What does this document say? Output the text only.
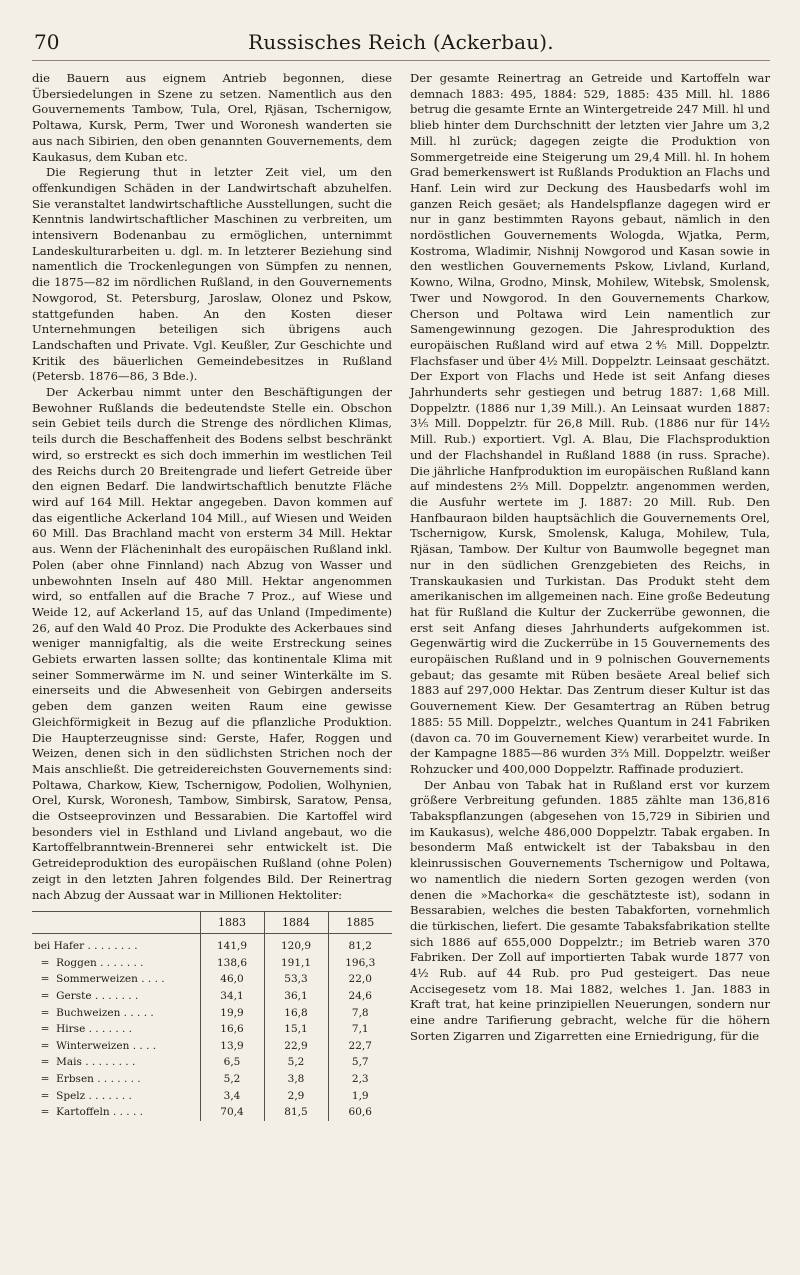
70	Russisches Reich (Ackerbau).

die Bauern aus eignem Antrieb begonnen, diese Übersiedelungen in Szene zu setzen. Namentlich aus den Gouvernements Tambow, Tula, Orel, Rjäsan, Tschernigow, Poltawa, Kursk, Perm, Twer und Woronesh wanderten sie aus nach Sibirien, den oben genannten Gouvernements, dem Kaukasus, dem Kuban etc.

Die Regierung thut in letzter Zeit viel, um den offenkundigen Schäden in der Landwirtschaft abzuhelfen. Sie veranstaltet landwirtschaftliche Ausstellungen, sucht die Kenntnis landwirtschaftlicher Maschinen zu verbreiten, um intensivern Bodenanbau zu ermöglichen, unternimmt Landeskulturarbeiten u. dgl. m. In letzterer Beziehung sind namentlich die Trockenlegungen von Sümpfen zu nennen, die 1875—82 im nördlichen Rußland, in den Gouvernements Nowgorod, St. Petersburg, Jaroslaw, Olonez und Pskow, stattgefunden haben. An den Kosten dieser Unternehmungen beteiligen sich übrigens auch Landschaften und Private. Vgl. Keußler, Zur Geschichte und Kritik des bäuerlichen Gemeindebesitzes in Rußland (Petersb. 1876—86, 3 Bde.).

Der Ackerbau nimmt unter den Beschäftigungen der Bewohner Rußlands die bedeutendste Stelle ein. Obschon sein Gebiet teils durch die Strenge des nördlichen Klimas, teils durch die Beschaffenheit des Bodens selbst beschränkt wird, so erstreckt es sich doch immerhin im westlichen Teil des Reichs durch 20 Breitengrade und liefert Getreide über den eignen Bedarf. Die landwirtschaftlich benutzte Fläche wird auf 164 Mill. Hektar angegeben. Davon kommen auf das eigentliche Ackerland 104 Mill., auf Wiesen und Weiden 60 Mill. Das Brachland macht von ersterm 34 Mill. Hektar aus. Wenn der Flächeninhalt des europäischen Rußland inkl. Polen (aber ohne Finnland) nach Abzug von Wasser und unbewohnten Inseln auf 480 Mill. Hektar angenommen wird, so entfallen auf die Brache 7 Proz., auf Wiese und Weide 12, auf Ackerland 15, auf das Unland (Impedimente) 26, auf den Wald 40 Proz. Die Produkte des Ackerbaues sind weniger mannigfaltig, als die weite Erstreckung seines Gebiets erwarten lassen sollte; das kontinentale Klima mit seiner Sommerwärme im N. und seiner Winterkälte im S. einerseits und die Abwesenheit von Gebirgen anderseits geben dem ganzen weiten Raum eine gewisse Gleichförmigkeit in Bezug auf die pflanzliche Produktion. Die Haupterzeugnisse sind: Gerste, Hafer, Roggen und Weizen, denen sich in den südlichsten Strichen noch der Mais anschließt. Die getreidereichsten Gouvernements sind: Poltawa, Charkow, Kiew, Tschernigow, Podolien, Wolhynien, Orel, Kursk, Woronesh, Tambow, Simbirsk, Saratow, Pensa, die Ostseeprovinzen und Bessarabien. Die Kartoffel wird besonders viel in Esthland und Livland angebaut, wo die Kartoffelbranntwein-Brennerei sehr entwickelt ist. Die Getreideproduktion des europäischen Rußland (ohne Polen) zeigt in den letzten Jahren folgendes Bild. Der Reinertrag nach Abzug der Aussaat war in Millionen Hektoliter:

	1883	1884	1885
bei Hafer . . . . . . . .	141,9	120,9	81,2
=  Roggen . . . . . . .	138,6	191,1	196,3
=  Sommerweizen . . . .	46,0	53,3	22,0
=  Gerste . . . . . . .	34,1	36,1	24,6
=  Buchweizen . . . . .	19,9	16,8	7,8
=  Hirse . . . . . . .	16,6	15,1	7,1
=  Winterweizen . . . .	13,9	22,9	22,7
=  Mais . . . . . . . .	6,5	5,2	5,7
=  Erbsen . . . . . . .	5,2	3,8	2,3
=  Spelz . . . . . . .	3,4	2,9	1,9
=  Kartoffeln . . . . .	70,4	81,5	60,6

Der gesamte Reinertrag an Getreide und Kartoffeln war demnach 1883: 495, 1884: 529, 1885: 435 Mill. hl. 1886 betrug die gesamte Ernte an Wintergetreide 247 Mill. hl und blieb hinter dem Durchschnitt der letzten vier Jahre um 3,2 Mill. hl zurück; dagegen zeigte die Produktion von Sommergetreide eine Steigerung um 29,4 Mill. hl. In hohem Grad bemerkenswert ist Rußlands Produktion an Flachs und Hanf. Lein wird zur Deckung des Hausbedarfs wohl im ganzen Reich gesäet; als Handelspflanze dagegen wird er nur in ganz bestimmten Rayons gebaut, nämlich in den nordöstlichen Gouvernements Wologda, Wjatka, Perm, Kostroma, Wladimir, Nishnij Nowgorod und Kasan sowie in den westlichen Gouvernements Pskow, Livland, Kurland, Kowno, Wilna, Grodno, Minsk, Mohilew, Witebsk, Smolensk, Twer und Nowgorod. In den Gouvernements Charkow, Cherson und Poltawa wird Lein namentlich zur Samengewinnung gezogen. Die Jahresproduktion des europäischen Rußland wird auf etwa 2⅘ Mill. Doppelztr. Flachsfaser und über 4½ Mill. Doppelztr. Leinsaat geschätzt. Der Export von Flachs und Hede ist seit Anfang dieses Jahrhunderts sehr gestiegen und betrug 1887: 1,68 Mill. Doppelztr. (1886 nur 1,39 Mill.). An Leinsaat wurden 1887: 3⅕ Mill. Doppelztr. für 26,8 Mill. Rub. (1886 nur für 14½ Mill. Rub.) exportiert. Vgl. A. Blau, Die Flachsproduktion und der Flachshandel in Rußland 1888 (in russ. Sprache). Die jährliche Hanfproduktion im europäischen Rußland kann auf mindestens 2⅔ Mill. Doppelztr. angenommen werden, die Ausfuhr wertete im J. 1887: 20 Mill. Rub. Den Hanfbauraon bilden hauptsächlich die Gouvernements Orel, Tschernigow, Kursk, Smolensk, Kaluga, Mohilew, Tula, Rjäsan, Tambow. Der Kultur von Baumwolle begegnet man nur in den südlichen Grenzgebieten des Reichs, in Transkaukasien und Turkistan. Das Produkt steht dem amerikanischen im allgemeinen nach. Eine große Bedeutung hat für Rußland die Kultur der Zuckerrübe gewonnen, die erst seit Anfang dieses Jahrhunderts aufgekommen ist. Gegenwärtig wird die Zuckerrübe in 15 Gouvernements des europäischen Rußland und in 9 polnischen Gouvernements gebaut; das gesamte mit Rüben besäete Areal belief sich 1883 auf 297,000 Hektar. Das Zentrum dieser Kultur ist das Gouvernement Kiew. Der Gesamtertrag an Rüben betrug 1885: 55 Mill. Doppelztr., welches Quantum in 241 Fabriken (davon ca. 70 im Gouvernement Kiew) verarbeitet wurde. In der Kampagne 1885—86 wurden 3⅔ Mill. Doppelztr. weißer Rohzucker und 400,000 Doppelztr. Raffinade produziert.

Der Anbau von Tabak hat in Rußland erst vor kurzem größere Verbreitung gefunden. 1885 zählte man 136,816 Tabakspflanzungen (abgesehen von 15,729 in Sibirien und im Kaukasus), welche 486,000 Doppelztr. Tabak ergaben. In besonderm Maß entwickelt ist der Tabaksbau in den kleinrussischen Gouvernements Tschernigow und Poltawa, wo namentlich die niedern Sorten gezogen werden (von denen die »Machorka« die geschätzteste ist), sodann in Bessarabien, welches die besten Tabakforten, vornehmlich die türkischen, liefert. Die gesamte Tabaksfabrikation stellte sich 1886 auf 655,000 Doppelztr.; im Betrieb waren 370 Fabriken. Der Zoll auf importierten Tabak wurde 1877 von 4½ Rub. auf 44 Rub. pro Pud gesteigert. Das neue Accisegesetz vom 18. Mai 1882, welches 1. Jan. 1883 in Kraft trat, hat keine prinzipiellen Neuerungen, sondern nur eine andre Tarifierung gebracht, welche für die höhern Sorten Zigarren und Zigarretten eine Erniedrigung, für die
